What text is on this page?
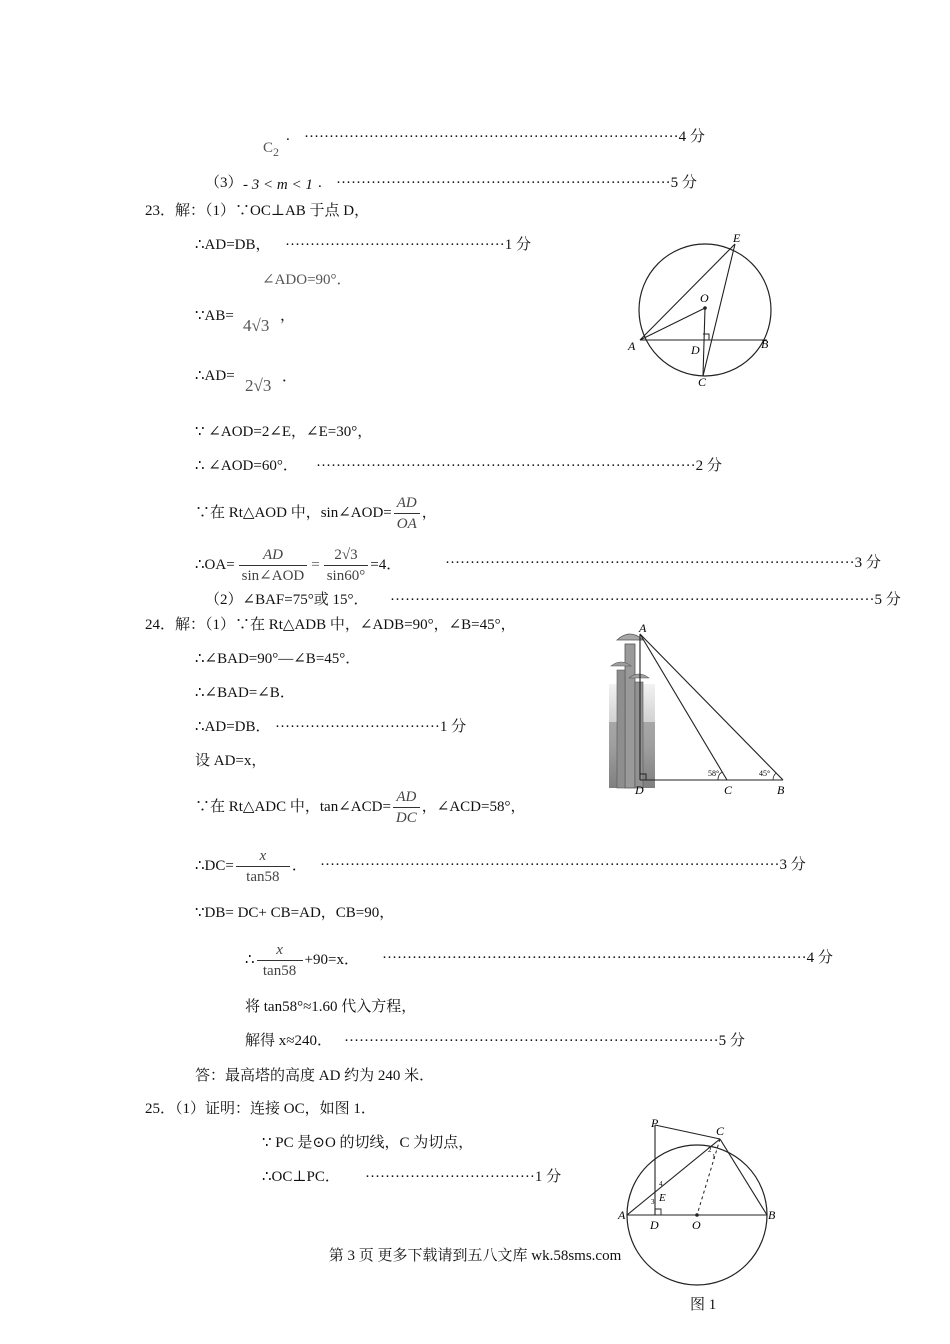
$C_2$
. ···········································································4 分
（3） - 3 < m < 1 . ···································································5 分
23．解：（1）∵OC⊥AB 于点 D，
∴AD=DB， ············································1 分
∠ADO=90°．
∵AB= 4√3 ，
∴AD= 2√3 ．
∵ ∠AOD=2∠E，∠E=30°，
∴ ∠AOD=60°． ············································································2 分
∵在 Rt△AOD 中，sin∠AOD= $\frac{AD}{OA}$ ，
∴OA= $\frac{AD}{\text{sin∠AOD}} = \frac{2√3}{\sin 60^\circ} =4$．	··················································································3 分
（2）∠BAF=75°或 15°． ·································································································5 分
24．解：（1）∵在 Rt△ADB 中，∠ADB=90°，∠B=45°，
∴∠BAD=90°—∠B=45°．
∴∠BAD=∠B．
∴AD=DB． ·································1 分
设 AD=x，
∵在 Rt△ADC 中，tan∠ACD= $\frac{AD}{DC}$ ，∠ACD=58°，
∴DC= $\frac{x}{\tan 58}$ ． ····························································································3 分
∵DB= DC+ CB=AD，CB=90，
∴ $\frac{x}{\tan 58} +90=x$． ·····················································································4 分
将 tan58°≈1.60 代入方程，
解得 x≈240． ···········································································5 分
答：最高塔的高度 AD 约为 240 米．
25．（1）证明：连接 OC，如图 1．
∵ PC 是⊙O 的切线，C 为切点，
∴OC⊥PC． ··································1 分
第 3 页 更多下载请到五八文库 wk.58sms.com
图 1
E
O
A	D	B
C
A
D	C	B
58°	45°
P
C
A
D	O
B
E
1
2
3
4
